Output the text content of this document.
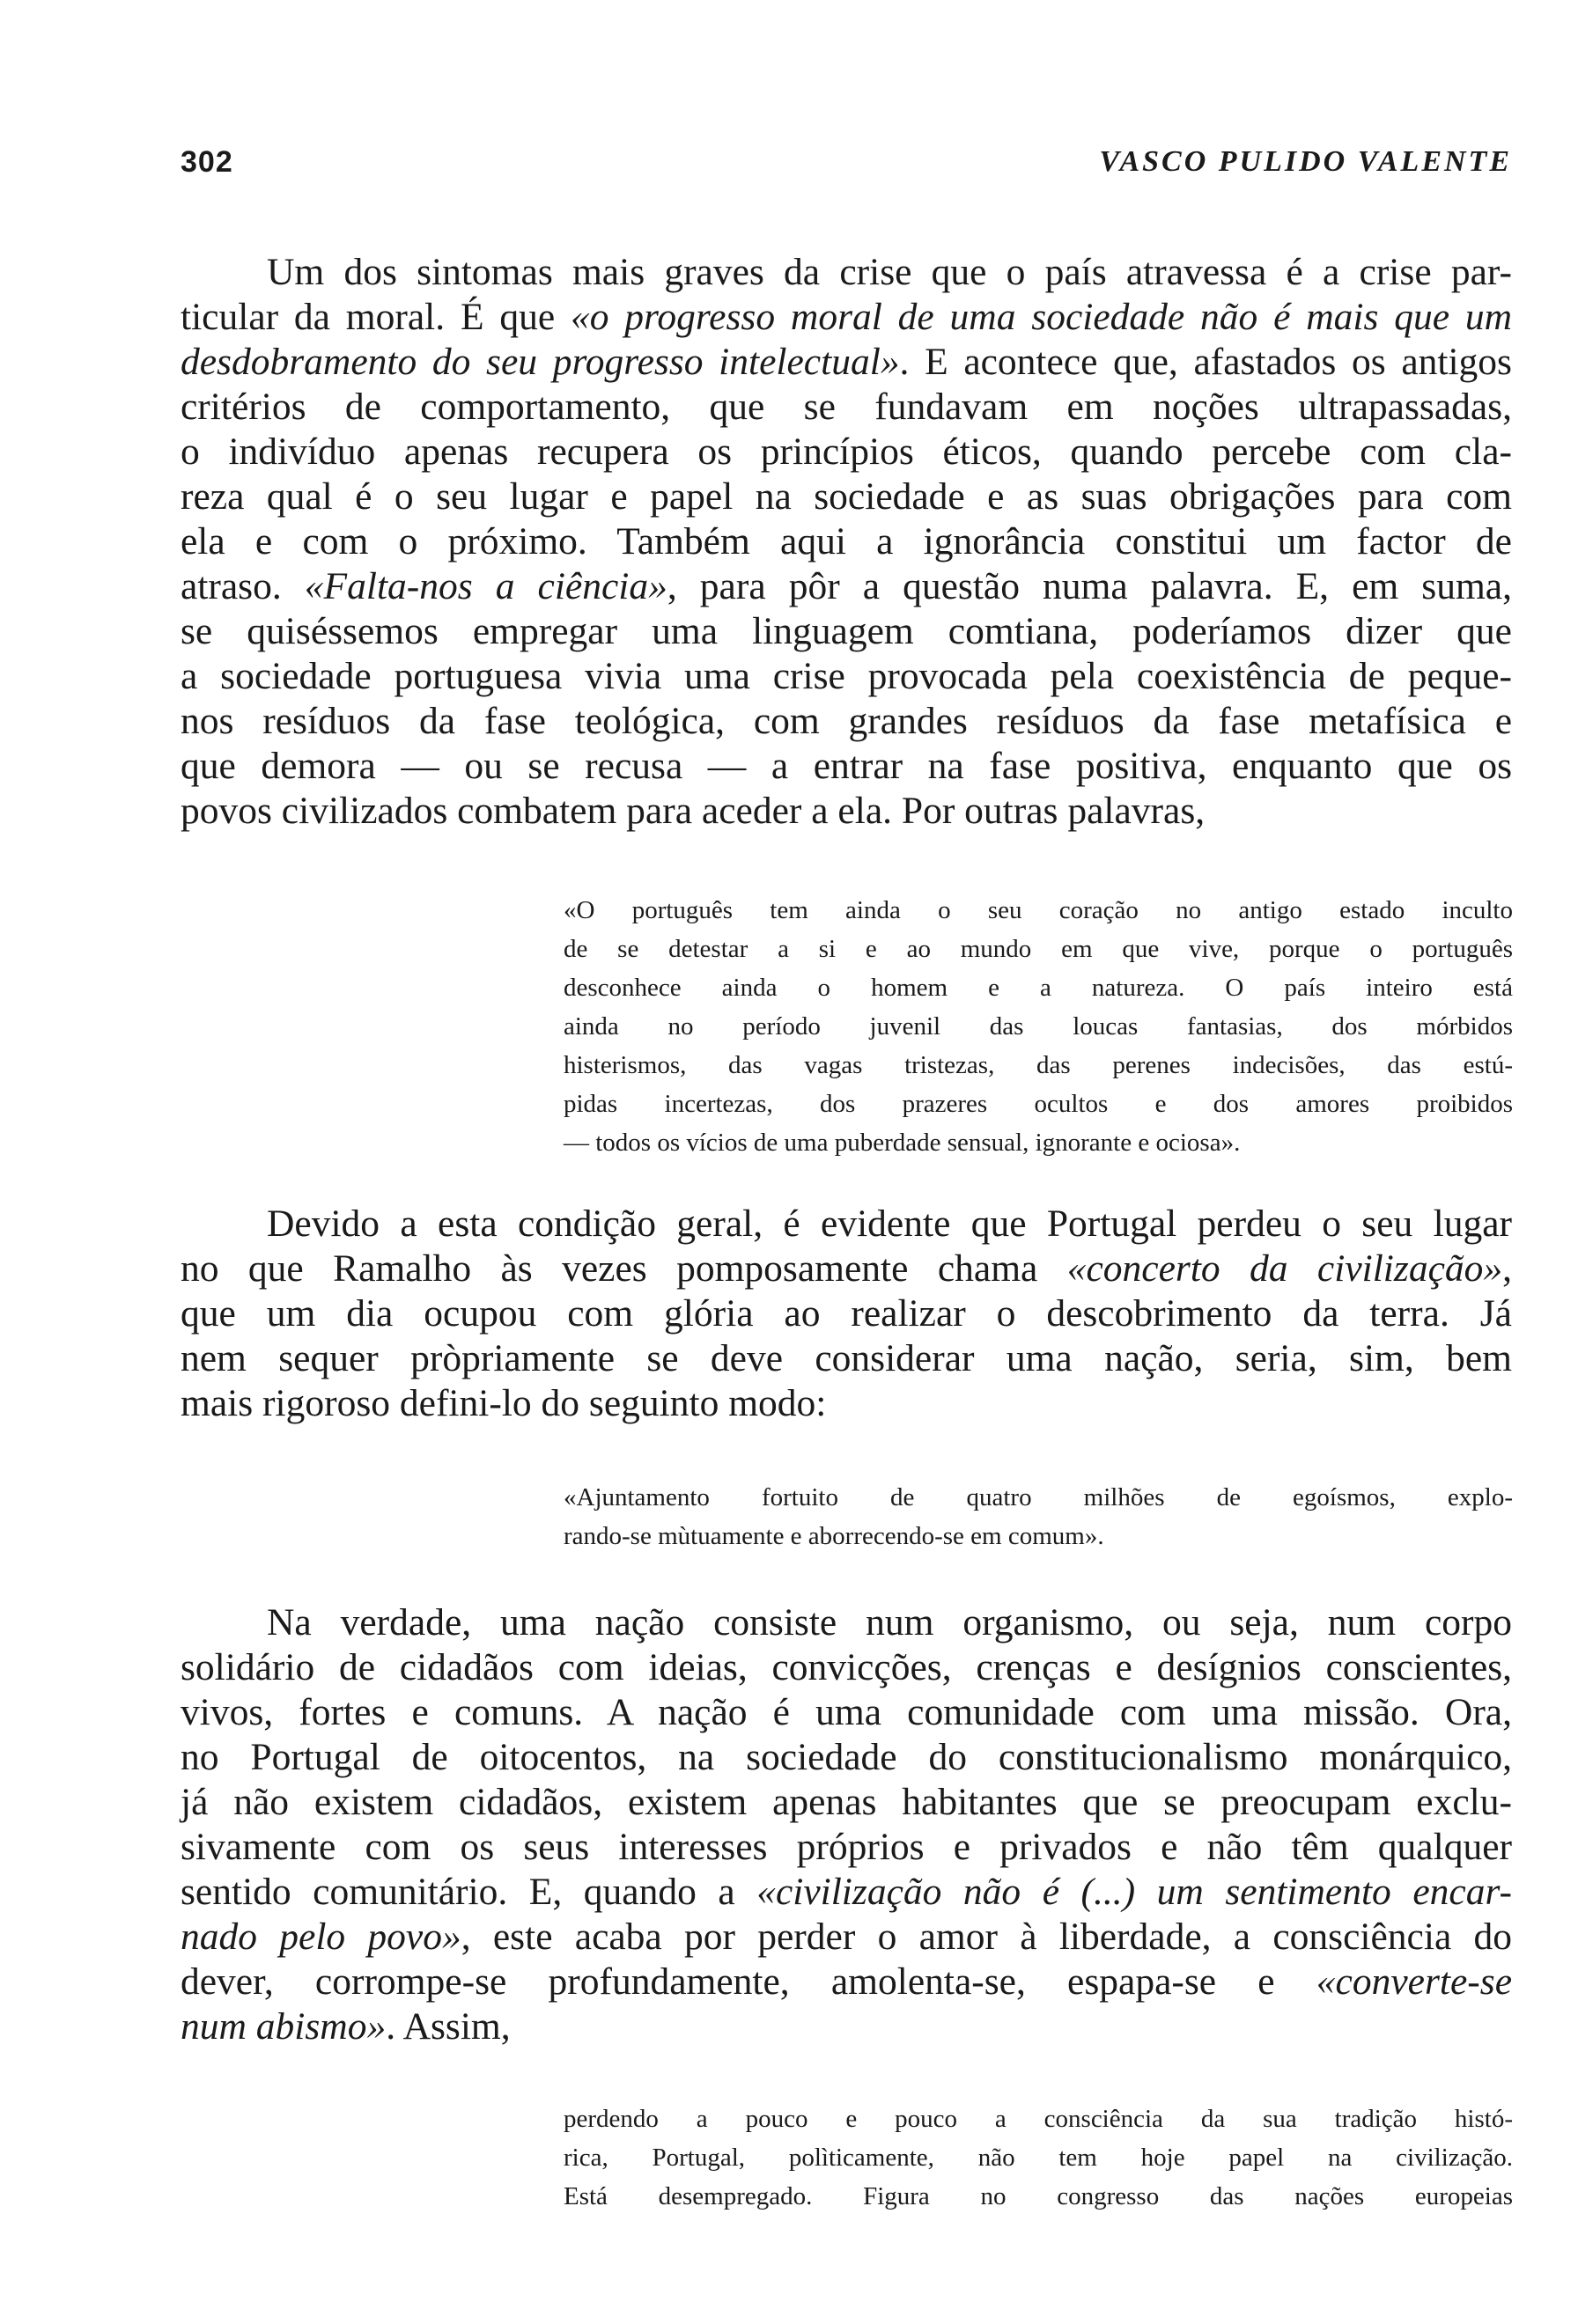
302	VASCO PULIDO VALENTE
Um dos sintomas mais graves da crise que o país atravessa é a crise par-
ticular da moral. É que «o progresso moral de uma sociedade não é mais que um
desdobramento do seu progresso intelectual». E acontece que, afastados os antigos
critérios de comportamento, que se fundavam em noções ultrapassadas,
o indivíduo apenas recupera os princípios éticos, quando percebe com cla-
reza qual é o seu lugar e papel na sociedade e as suas obrigações para com
ela e com o próximo. Também aqui a ignorância constitui um factor de
atraso. «Falta-nos a ciência», para pôr a questão numa palavra. E, em suma,
se quiséssemos empregar uma linguagem comtiana, poderíamos dizer que
a sociedade portuguesa vivia uma crise provocada pela coexistência de peque-
nos resíduos da fase teológica, com grandes resíduos da fase metafísica e
que demora — ou se recusa — a entrar na fase positiva, enquanto que os
povos civilizados combatem para aceder a ela. Por outras palavras,
«O português tem ainda o seu coração no antigo estado inculto
de se detestar a si e ao mundo em que vive, porque o português
desconhece ainda o homem e a natureza. O país inteiro está
ainda no período juvenil das loucas fantasias, dos mórbidos
histerismos, das vagas tristezas, das perenes indecisões, das estú-
pidas incertezas, dos prazeres ocultos e dos amores proibidos
— todos os vícios de uma puberdade sensual, ignorante e ociosa».
Devido a esta condição geral, é evidente que Portugal perdeu o seu lugar
no que Ramalho às vezes pomposamente chama «concerto da civilização»,
que um dia ocupou com glória ao realizar o descobrimento da terra. Já
nem sequer pròpriamente se deve considerar uma nação, seria, sim, bem
mais rigoroso defini-lo do seguinto modo:
«Ajuntamento fortuito de quatro milhões de egoísmos, explo-
rando-se mùtuamente e aborrecendo-se em comum».
Na verdade, uma nação consiste num organismo, ou seja, num corpo
solidário de cidadãos com ideias, convicções, crenças e desígnios conscientes,
vivos, fortes e comuns. A nação é uma comunidade com uma missão. Ora,
no Portugal de oitocentos, na sociedade do constitucionalismo monárquico,
já não existem cidadãos, existem apenas habitantes que se preocupam exclu-
sivamente com os seus interesses próprios e privados e não têm qualquer
sentido comunitário. E, quando a «civilização não é (...) um sentimento encar-
nado pelo povo», este acaba por perder o amor à liberdade, a consciência do
dever, corrompe-se profundamente, amolenta-se, espapa-se e «converte-se
num abismo». Assim,
perdendo a pouco e pouco a consciência da sua tradição histó-
rica, Portugal, polìticamente, não tem hoje papel na civilização.
Está desempregado. Figura no congresso das nações europeias
